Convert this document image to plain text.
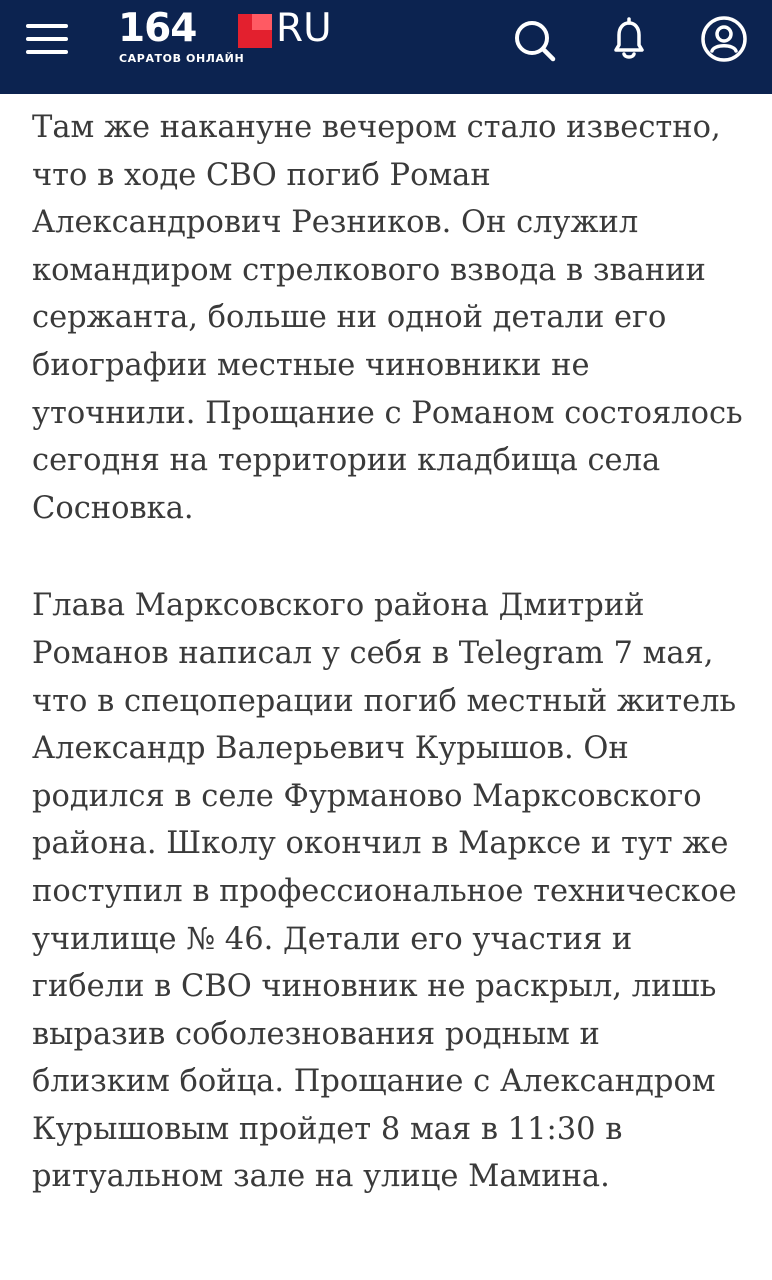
164 RU
САРАТОВ ОНЛАЙН

Там же накануне вечером стало известно, что в ходе СВО погиб Роман Александрович Резников. Он служил командиром стрелкового взвода в звании сержанта, больше ни одной детали его биографии местные чиновники не уточнили. Прощание с Романом состоялось сегодня на территории кладбища села Сосновка.

Глава Марксовского района Дмитрий Романов написал у себя в Telegram 7 мая, что в спецоперации погиб местный житель Александр Валерьевич Курышов. Он родился в селе Фурманово Марксовского района. Школу окончил в Марксе и тут же поступил в профессиональное техническое училище № 46. Детали его участия и гибели в СВО чиновник не раскрыл, лишь выразив соболезнования родным и близким бойца. Прощание с Александром Курышовым пройдет 8 мая в 11:30 в ритуальном зале на улице Мамина.
